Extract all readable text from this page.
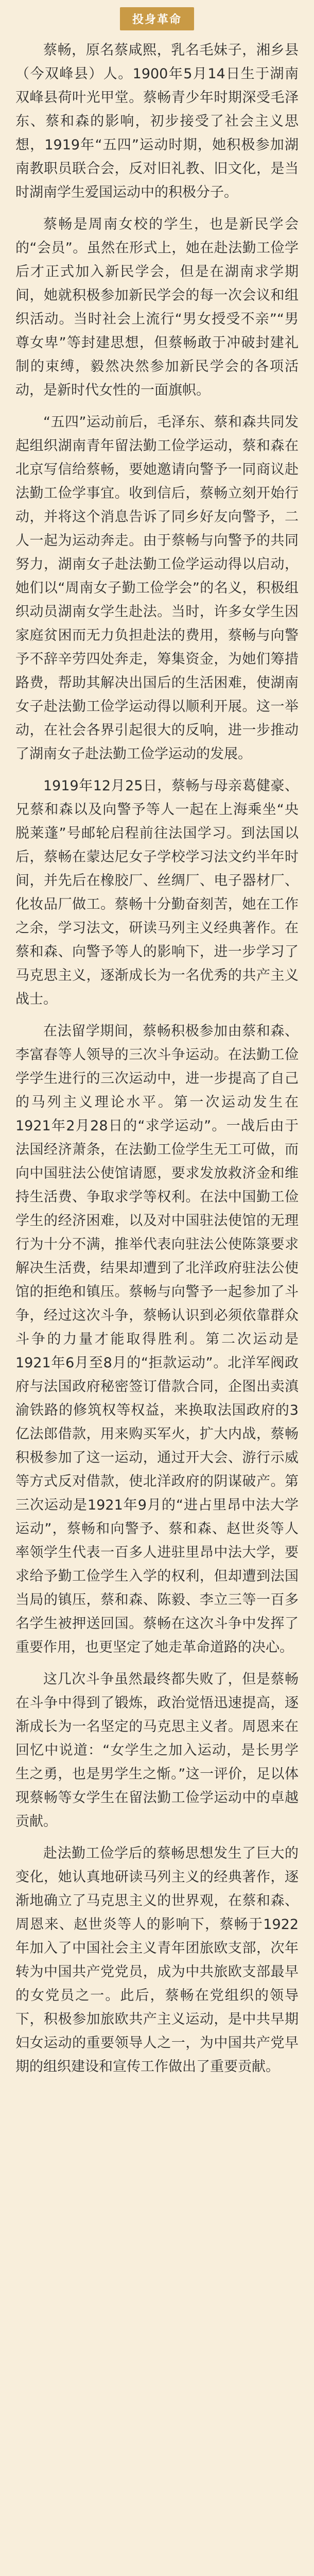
投身革命

蔡畅，原名蔡咸熙，乳名毛妹子，湘乡县（今双峰县）人。1900年5月14日生于湖南双峰县荷叶光甲堂。蔡畅青少年时期深受毛泽东、蔡和森的影响，初步接受了社会主义思想，1919年“五四”运动时期，她积极参加湖南教职员联合会，反对旧礼教、旧文化，是当时湖南学生爱国运动中的积极分子。

蔡畅是周南女校的学生，也是新民学会的“会员”。虽然在形式上，她在赴法勤工俭学后才正式加入新民学会，但是在湖南求学期间，她就积极参加新民学会的每一次会议和组织活动。当时社会上流行“男女授受不亲”“男尊女卑”等封建思想，但蔡畅敢于冲破封建礼制的束缚，毅然决然参加新民学会的各项活动，是新时代女性的一面旗帜。

“五四”运动前后，毛泽东、蔡和森共同发起组织湖南青年留法勤工俭学运动，蔡和森在北京写信给蔡畅，要她邀请向警予一同商议赴法勤工俭学事宜。收到信后，蔡畅立刻开始行动，并将这个消息告诉了同乡好友向警予，二人一起为运动奔走。由于蔡畅与向警予的共同努力，湖南女子赴法勤工俭学运动得以启动，她们以“周南女子勤工俭学会”的名义，积极组织动员湖南女学生赴法。当时，许多女学生因家庭贫困而无力负担赴法的费用，蔡畅与向警予不辞辛劳四处奔走，筹集资金，为她们筹措路费，帮助其解决出国后的生活困难，使湖南女子赴法勤工俭学运动得以顺利开展。这一举动，在社会各界引起很大的反响，进一步推动了湖南女子赴法勤工俭学运动的发展。

1919年12月25日，蔡畅与母亲葛健豪、兄蔡和森以及向警予等人一起在上海乘坐“央脱莱蓬”号邮轮启程前往法国学习。到法国以后，蔡畅在蒙达尼女子学校学习法文约半年时间，并先后在橡胶厂、丝绸厂、电子器材厂、化妆品厂做工。蔡畅十分勤奋刻苦，她在工作之余，学习法文，研读马列主义经典著作。在蔡和森、向警予等人的影响下，进一步学习了马克思主义，逐渐成长为一名优秀的共产主义战士。

在法留学期间，蔡畅积极参加由蔡和森、李富春等人领导的三次斗争运动。在法勤工俭学学生进行的三次运动中，进一步提高了自己的马列主义理论水平。第一次运动发生在1921年2月28日的“求学运动”。一战后由于法国经济萧条，在法勤工俭学生无工可做，而向中国驻法公使馆请愿，要求发放救济金和维持生活费、争取求学等权利。在法中国勤工俭学生的经济困难，以及对中国驻法使馆的无理行为十分不满，推举代表向驻法公使陈箓要求解决生活费，结果却遭到了北洋政府驻法公使馆的拒绝和镇压。蔡畅与向警予一起参加了斗争，经过这次斗争，蔡畅认识到必须依靠群众斗争的力量才能取得胜利。第二次运动是1921年6月至8月的“拒款运动”。北洋军阀政府与法国政府秘密签订借款合同，企图出卖滇渝铁路的修筑权等权益，来换取法国政府的3亿法郎借款，用来购买军火，扩大内战，蔡畅积极参加了这一运动，通过开大会、游行示威等方式反对借款，使北洋政府的阴谋破产。第三次运动是1921年9月的“进占里昂中法大学运动”，蔡畅和向警予、蔡和森、赵世炎等人率领学生代表一百多人进驻里昂中法大学，要求给予勤工俭学生入学的权利，但却遭到法国当局的镇压，蔡和森、陈毅、李立三等一百多名学生被押送回国。蔡畅在这次斗争中发挥了重要作用，也更坚定了她走革命道路的决心。

这几次斗争虽然最终都失败了，但是蔡畅在斗争中得到了锻炼，政治觉悟迅速提高，逐渐成长为一名坚定的马克思主义者。周恩来在回忆中说道：“女学生之加入运动，是长男学生之勇，也是男学生之惭。”这一评价，足以体现蔡畅等女学生在留法勤工俭学运动中的卓越贡献。

赴法勤工俭学后的蔡畅思想发生了巨大的变化，她认真地研读马列主义的经典著作，逐渐地确立了马克思主义的世界观，在蔡和森、周恩来、赵世炎等人的影响下，蔡畅于1922年加入了中国社会主义青年团旅欧支部，次年转为中国共产党党员，成为中共旅欧支部最早的女党员之一。此后，蔡畅在党组织的领导下，积极参加旅欧共产主义运动，是中共早期妇女运动的重要领导人之一，为中国共产党早期的组织建设和宣传工作做出了重要贡献。
